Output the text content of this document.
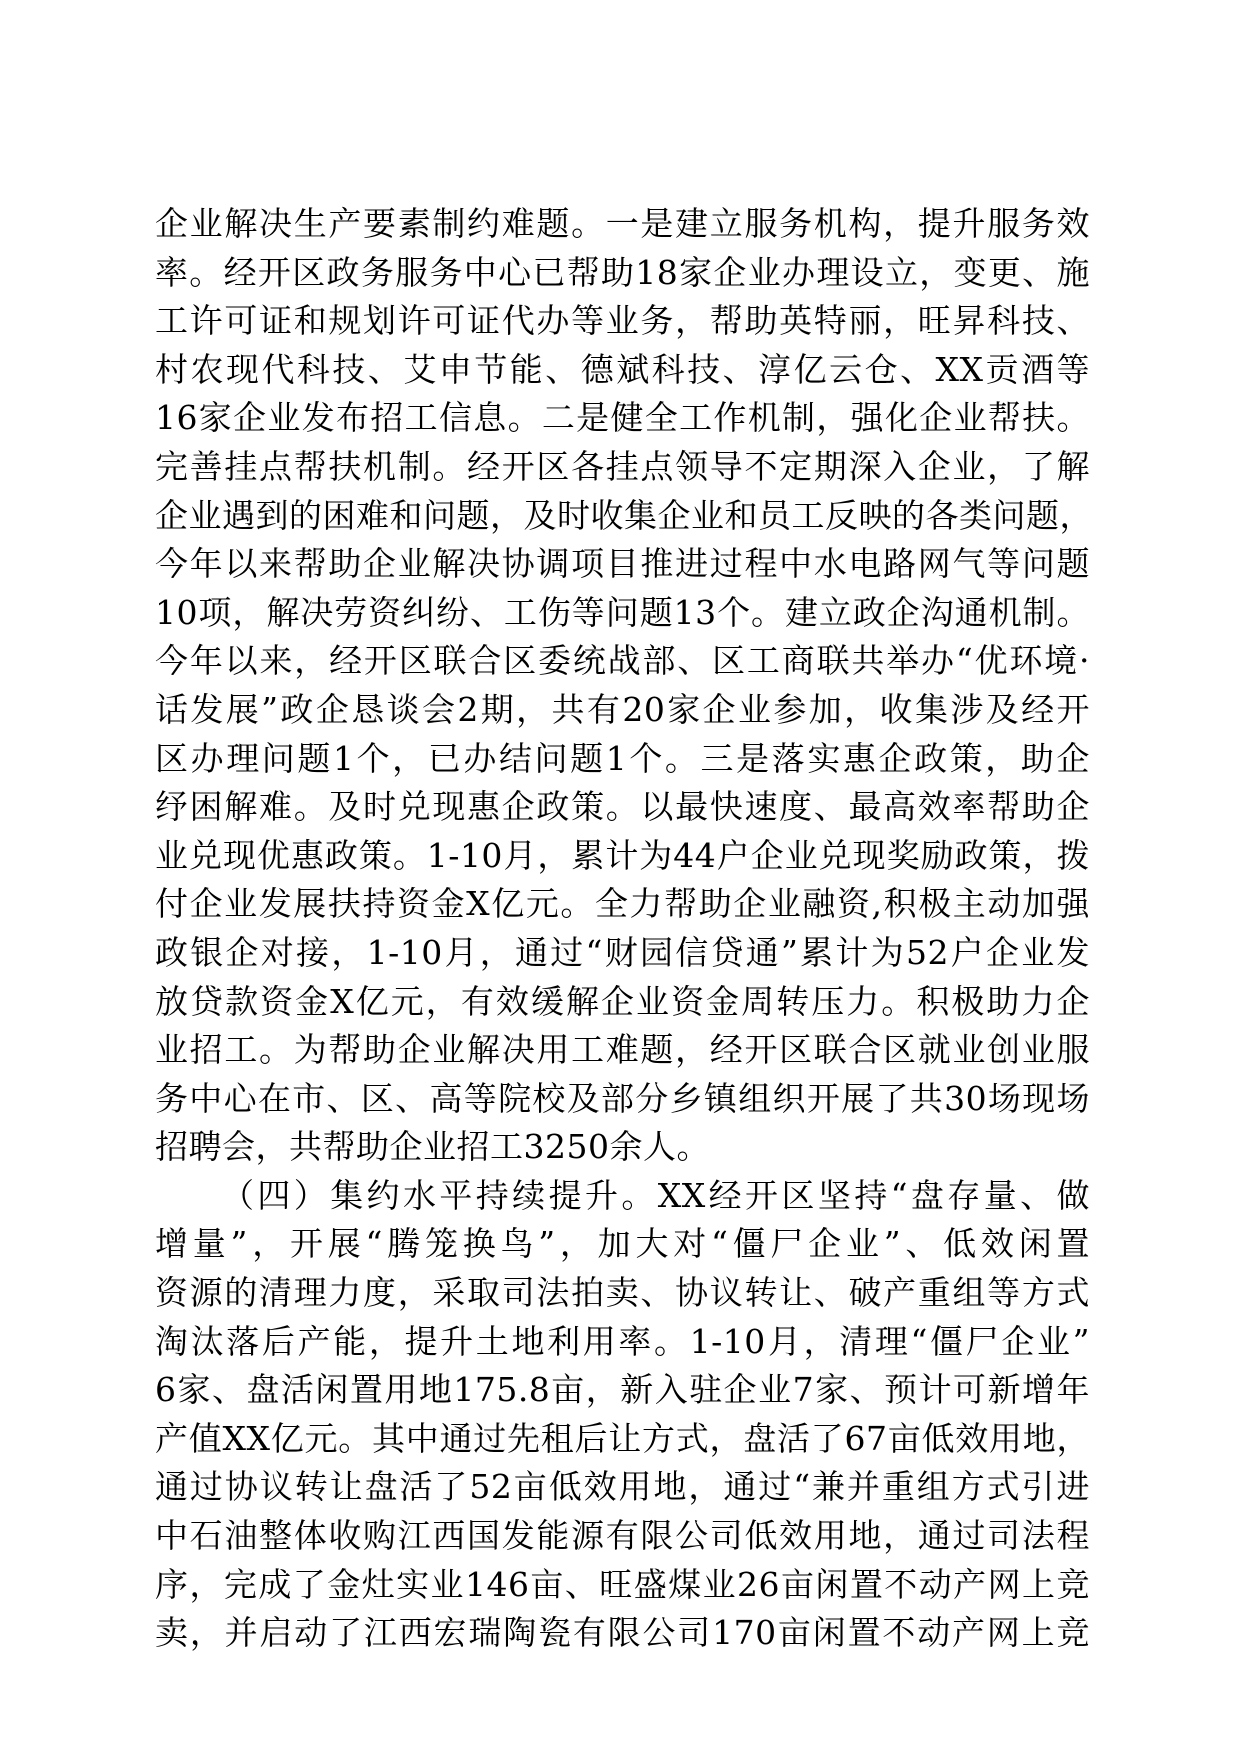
企业解决生产要素制约难题。一是建立服务机构，提升服务效
率。经开区政务服务中心已帮助18家企业办理设立，变更、施
工许可证和规划许可证代办等业务，帮助英特丽，旺昇科技、
村农现代科技、艾申节能、德斌科技、淳亿云仓、XX贡酒等
16家企业发布招工信息。二是健全工作机制，强化企业帮扶。
完善挂点帮扶机制。经开区各挂点领导不定期深入企业，了解
企业遇到的困难和问题，及时收集企业和员工反映的各类问题，
今年以来帮助企业解决协调项目推进过程中水电路网气等问题
10项，解决劳资纠纷、工伤等问题13个。建立政企沟通机制。
今年以来，经开区联合区委统战部、区工商联共举办“优环境·
话发展”政企恳谈会2期，共有20家企业参加，收集涉及经开
区办理问题1个，已办结问题1个。三是落实惠企政策，助企
纾困解难。及时兑现惠企政策。以最快速度、最高效率帮助企
业兑现优惠政策。1-10月，累计为44户企业兑现奖励政策，拨
付企业发展扶持资金X亿元。全力帮助企业融资,积极主动加强
政银企对接，1-10月，通过“财园信贷通”累计为52户企业发
放贷款资金X亿元，有效缓解企业资金周转压力。积极助力企
业招工。为帮助企业解决用工难题，经开区联合区就业创业服
务中心在市、区、高等院校及部分乡镇组织开展了共30场现场
招聘会，共帮助企业招工3250余人。
（四）集约水平持续提升。XX经开区坚持“盘存量、做
增量”，开展“腾笼换鸟”，加大对“僵尸企业”、低效闲置
资源的清理力度，采取司法拍卖、协议转让、破产重组等方式
淘汰落后产能，提升土地利用率。1-10月，清理“僵尸企业”
6家、盘活闲置用地175.8亩，新入驻企业7家、预计可新增年
产值XX亿元。其中通过先租后让方式，盘活了67亩低效用地，
通过协议转让盘活了52亩低效用地，通过“兼并重组方式引进
中石油整体收购江西国发能源有限公司低效用地，通过司法程
序，完成了金灶实业146亩、旺盛煤业26亩闲置不动产网上竞
卖，并启动了江西宏瑞陶瓷有限公司170亩闲置不动产网上竞
